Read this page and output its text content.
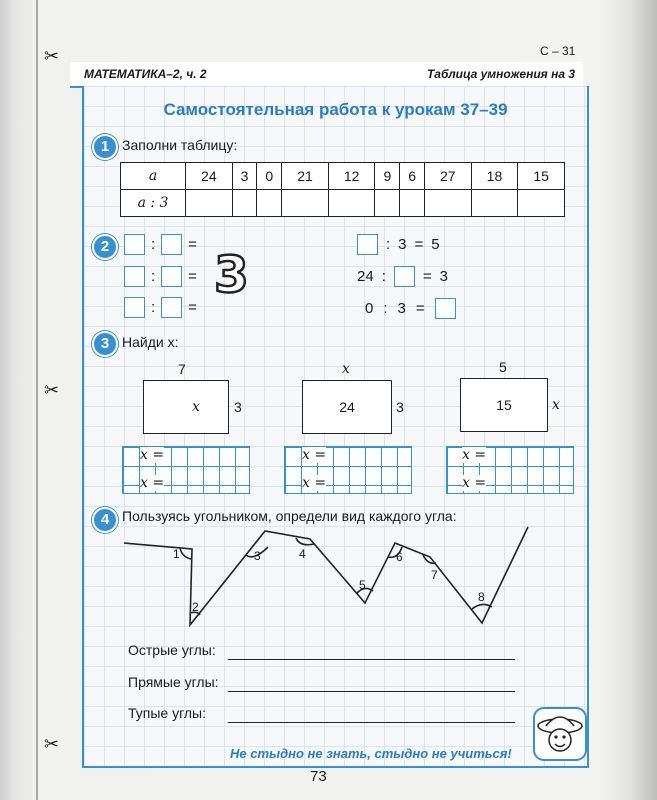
✂
✂
✂
С – 31
МАТЕМАТИКА–2, ч. 2	Таблица умножения на 3
Самостоятельная работа к урокам 37–39
1 Заполни таблицу:
a	24	3	0	21	12	9	6	27	18	15
a : 3										
2	: =
: =
: =
3
: 3 = 5
24 : = 3
0 : 3 =
3 Найди x:
7
x 3
x
24	3
5
15	x
x =
x =
x =
x =
x =
x =
4 Пользуясь угольником, определи вид каждого угла:
1
2
3	4
5
6
7
8
Острые углы:
Прямые углы:
Тупые углы:
Не стыдно не знать, стыдно не учиться!
73
